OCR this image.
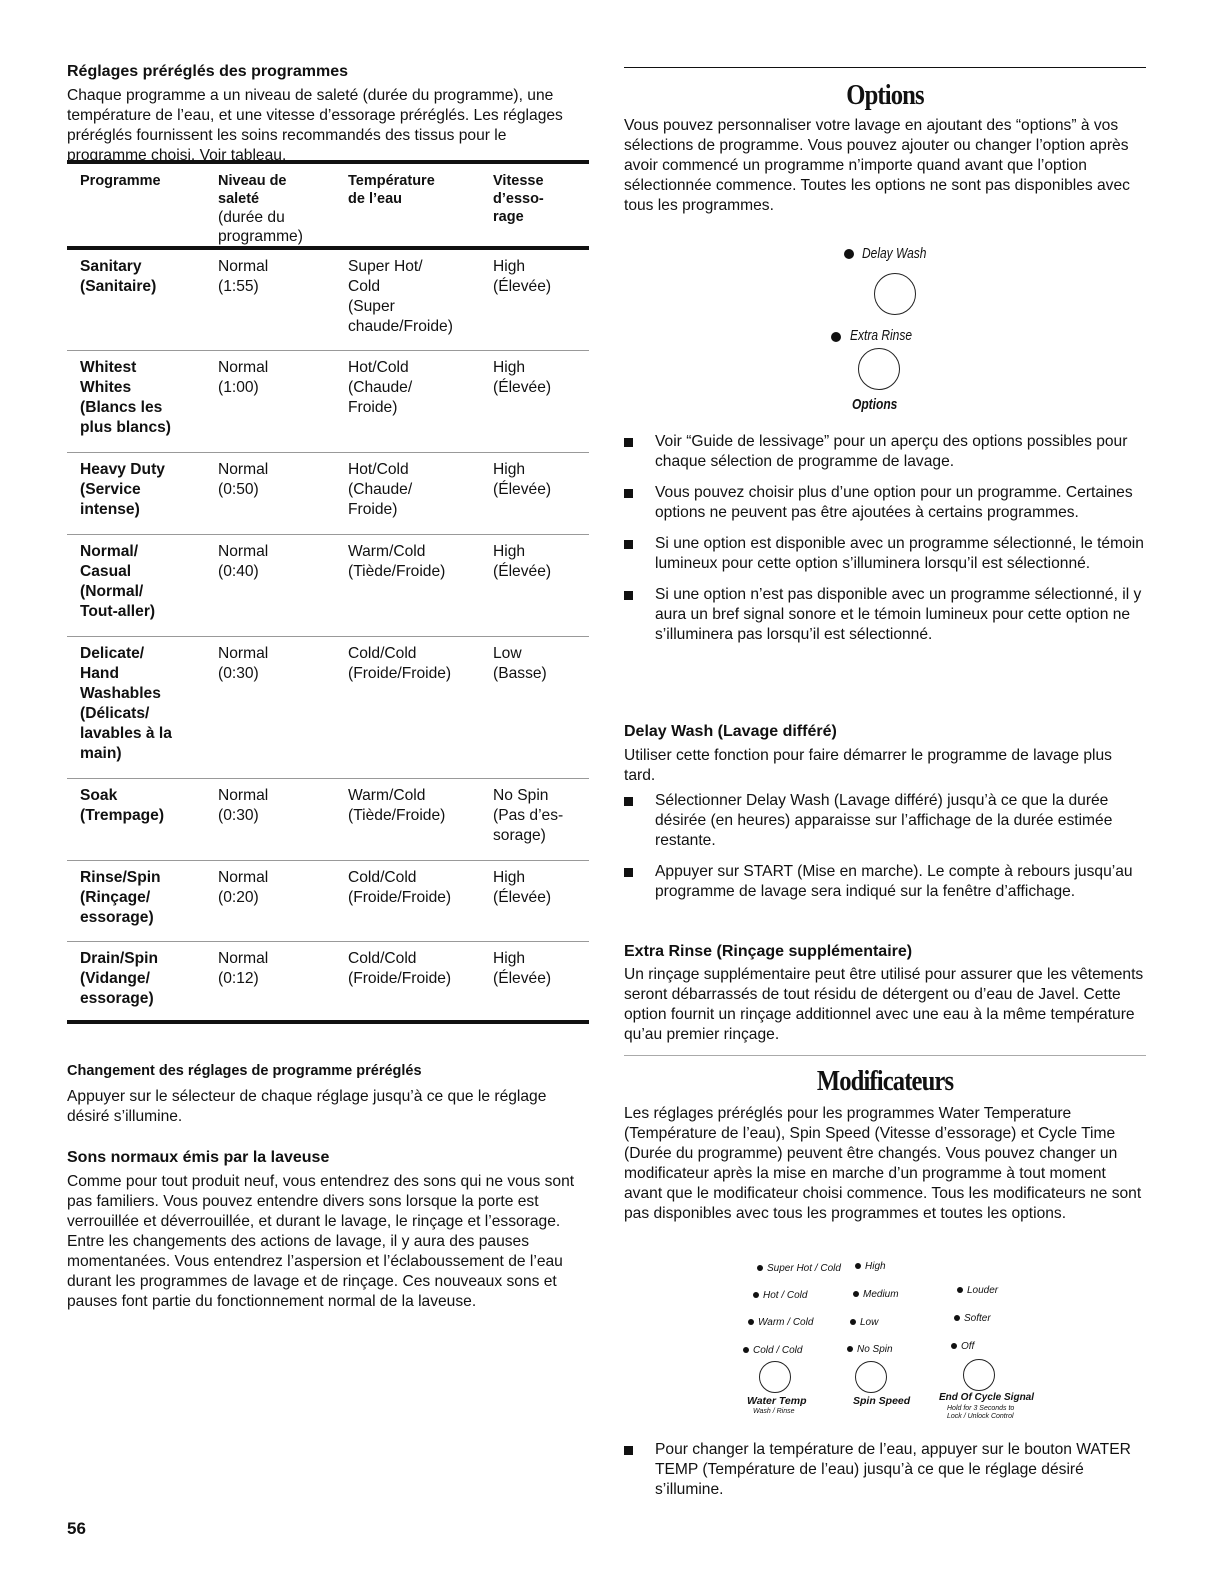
Réglages préréglés des programmes

Chaque programme a un niveau de saleté (durée du programme), une température de l’eau, et une vitesse d’essorage préréglés. Les réglages préréglés fournissent les soins recommandés des tissus pour le programme choisi. Voir tableau.

Programme	Niveau de
saleté
(durée du
programme)
Température
de l’eau
Vitesse
d’esso-
rage
Sanitary
(Sanitaire)
Normal
(1:55)
Super Hot/
Cold
(Super
chaude/Froide)
High
(Élevée)
Whitest
Whites
(Blancs les
plus blancs)
Normal
(1:00)
Hot/Cold
(Chaude/
Froide)
High
(Élevée)
Heavy Duty
(Service
intense)
Normal
(0:50)
Hot/Cold
(Chaude/
Froide)
High
(Élevée)
Normal/
Casual
(Normal/
Tout-aller)
Normal
(0:40)
Warm/Cold
(Tiède/Froide)
High
(Élevée)
Delicate/
Hand
Washables
(Délicats/
lavables à la
main)
Normal
(0:30)
Cold/Cold
(Froide/Froide)
Low
(Basse)
Soak
(Trempage)
Normal
(0:30)
Warm/Cold
(Tiède/Froide)
No Spin
(Pas d’es-
sorage)
Rinse/Spin
(Rinçage/
essorage)
Normal
(0:20)
Cold/Cold
(Froide/Froide)
High
(Élevée)
Drain/Spin
(Vidange/
essorage)
Normal
(0:12)
Cold/Cold
(Froide/Froide)
High
(Élevée)
Changement des réglages de programme préréglés

Appuyer sur le sélecteur de chaque réglage jusqu’à ce que le réglage désiré s’illumine.

Sons normaux émis par la laveuse

Comme pour tout produit neuf, vous entendrez des sons qui ne vous sont pas familiers. Vous pouvez entendre divers sons lorsque la porte est verrouillée et déverrouillée, et durant le lavage, le rinçage et l’essorage. Entre les changements des actions de lavage, il y aura des pauses momentanées. Vous entendrez l’aspersion et l’éclaboussement de l’eau durant les programmes de lavage et de rinçage. Ces nouveaux sons et pauses font partie du fonctionnement normal de la laveuse.

Options

Vous pouvez personnaliser votre lavage en ajoutant des “options” à vos sélections de programme. Vous pouvez ajouter ou changer l’option après avoir commencé un programme n’importe quand avant que l’option sélectionnée commence. Toutes les options ne sont pas disponibles avec tous les programmes.

Delay Wash
Extra Rinse
Options
Voir “Guide de lessivage” pour un aperçu des options possibles pour chaque sélection de programme de lavage.
Vous pouvez choisir plus d’une option pour un programme. Certaines options ne peuvent pas être ajoutées à certains programmes.
Si une option est disponible avec un programme sélectionné, le témoin lumineux pour cette option s’illuminera lorsqu’il est sélectionné.
Si une option n’est pas disponible avec un programme sélectionné, il y aura un bref signal sonore et le témoin lumineux pour cette option ne s’illuminera pas lorsqu’il est sélectionné.
Delay Wash (Lavage différé)

Utiliser cette fonction pour faire démarrer le programme de lavage plus tard.

Sélectionner Delay Wash (Lavage différé) jusqu’à ce que la durée désirée (en heures) apparaisse sur l’affichage de la durée estimée restante.
Appuyer sur START (Mise en marche). Le compte à rebours jusqu’au programme de lavage sera indiqué sur la fenêtre d’affichage.
Extra Rinse (Rinçage supplémentaire)

Un rinçage supplémentaire peut être utilisé pour assurer que les vêtements seront débarrassés de tout résidu de détergent ou d’eau de Javel. Cette option fournit un rinçage additionnel avec une eau à la même température qu’au premier rinçage.

Modificateurs

Les réglages préréglés pour les programmes Water Temperature (Température de l’eau), Spin Speed (Vitesse d’essorage) et Cycle Time (Durée du programme) peuvent être changés. Vous pouvez changer un modificateur après la mise en marche d’un programme à tout moment avant que le modificateur choisi commence. Tous les modificateurs ne sont pas disponibles avec tous les programmes et toutes les options.

Super Hot / Cold
Hot / Cold
Warm / Cold
Cold / Cold
Water Temp
Wash / Rinse
High
Medium
Low
No Spin
Spin Speed
Louder
Softer
Off
End Of Cycle Signal
Hold for 3 Seconds to
Lock / Unlock Control
Pour changer la température de l’eau, appuyer sur le bouton WATER TEMP (Température de l’eau) jusqu’à ce que le réglage désiré s’illumine.
56
